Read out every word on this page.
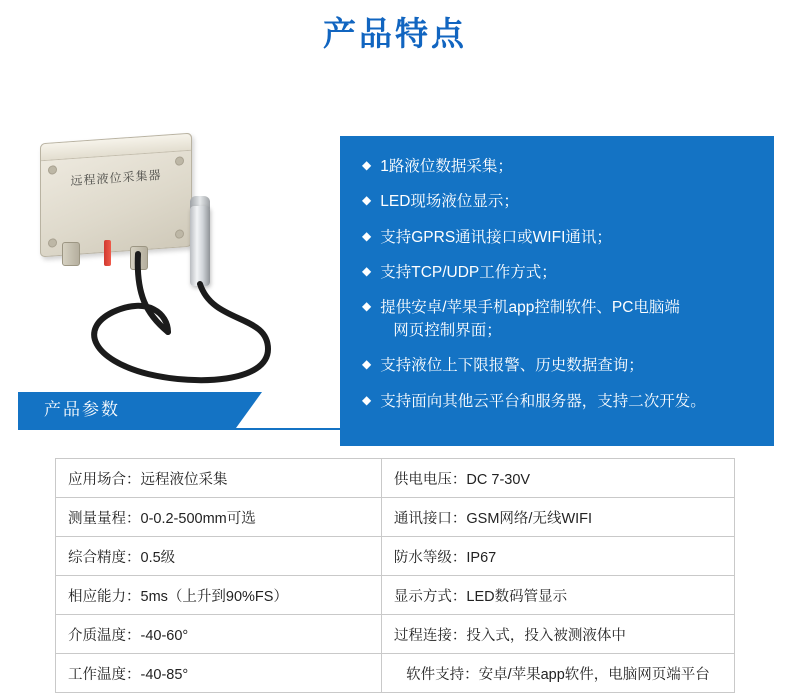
产品特点
远程液位采集器
◆ 1路液位数据采集；
◆ LED现场液位显示；
◆ 支持GPRS通讯接口或WIFI通讯；
◆ 支持TCP/UDP工作方式；
◆ 提供安卓/苹果手机app控制软件、PC电脑端
网页控制界面；
◆ 支持液位上下限报警、历史数据查询；
◆ 支持面向其他云平台和服务器，支持二次开发。
产品参数
应用场合：远程液位采集	供电电压：DC 7-30V
测量量程：0-0.2-500mm可选	通讯接口：GSM网络/无线WIFI
综合精度：0.5级	防水等级：IP67
相应能力：5ms（上升到90%FS）	显示方式：LED数码管显示
介质温度：-40-60°	过程连接：投入式，投入被测液体中
工作温度：-40-85°	软件支持：安卓/苹果app软件，电脑网页端平台
